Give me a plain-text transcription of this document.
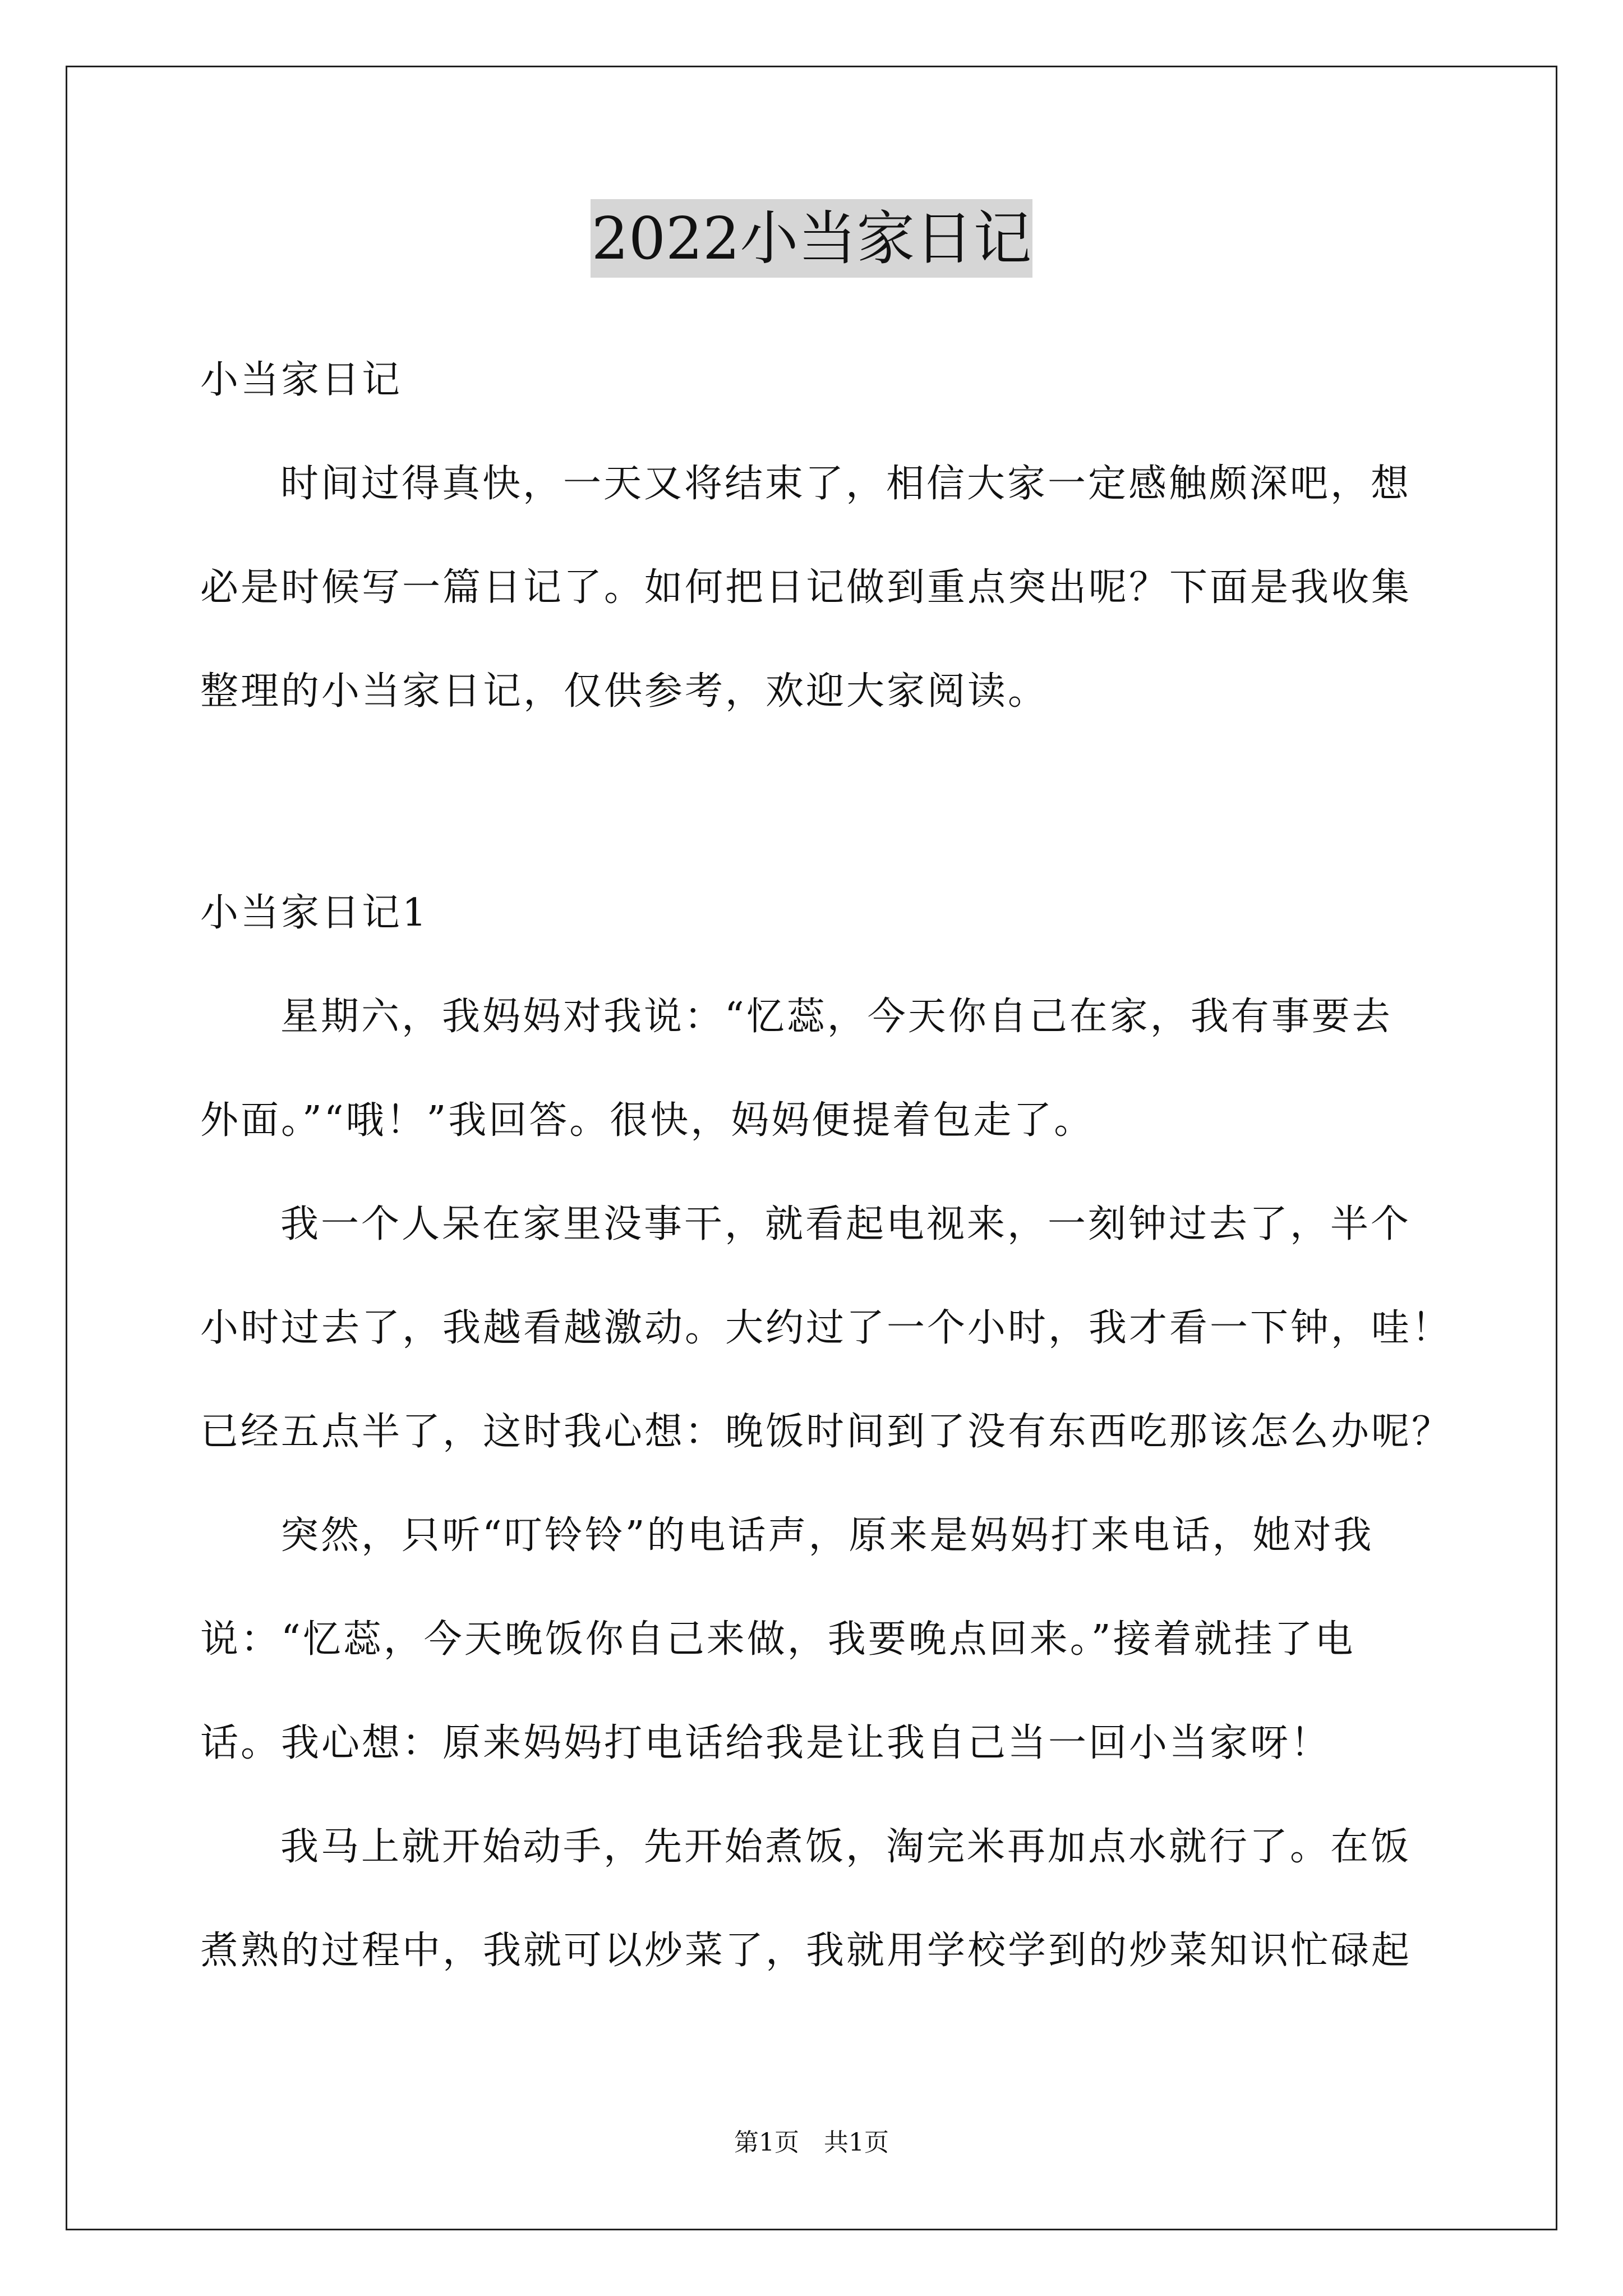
2022小当家日记
小当家日记
时间过得真快，一天又将结束了，相信大家一定感触颇深吧，想
必是时候写一篇日记了。如何把日记做到重点突出呢？下面是我收集
整理的小当家日记，仅供参考，欢迎大家阅读。
小当家日记1
星期六，我妈妈对我说：“忆蕊，今天你自己在家，我有事要去
外面。”“哦！”我回答。很快，妈妈便提着包走了。
我一个人呆在家里没事干，就看起电视来，一刻钟过去了，半个
小时过去了，我越看越激动。大约过了一个小时，我才看一下钟，哇！
已经五点半了，这时我心想：晚饭时间到了没有东西吃那该怎么办呢？
突然，只听“叮铃铃”的电话声，原来是妈妈打来电话，她对我
说：“忆蕊，今天晚饭你自己来做，我要晚点回来。”接着就挂了电
话。我心想：原来妈妈打电话给我是让我自己当一回小当家呀！
我马上就开始动手，先开始煮饭，淘完米再加点水就行了。在饭
煮熟的过程中，我就可以炒菜了，我就用学校学到的炒菜知识忙碌起
第1页　共1页
